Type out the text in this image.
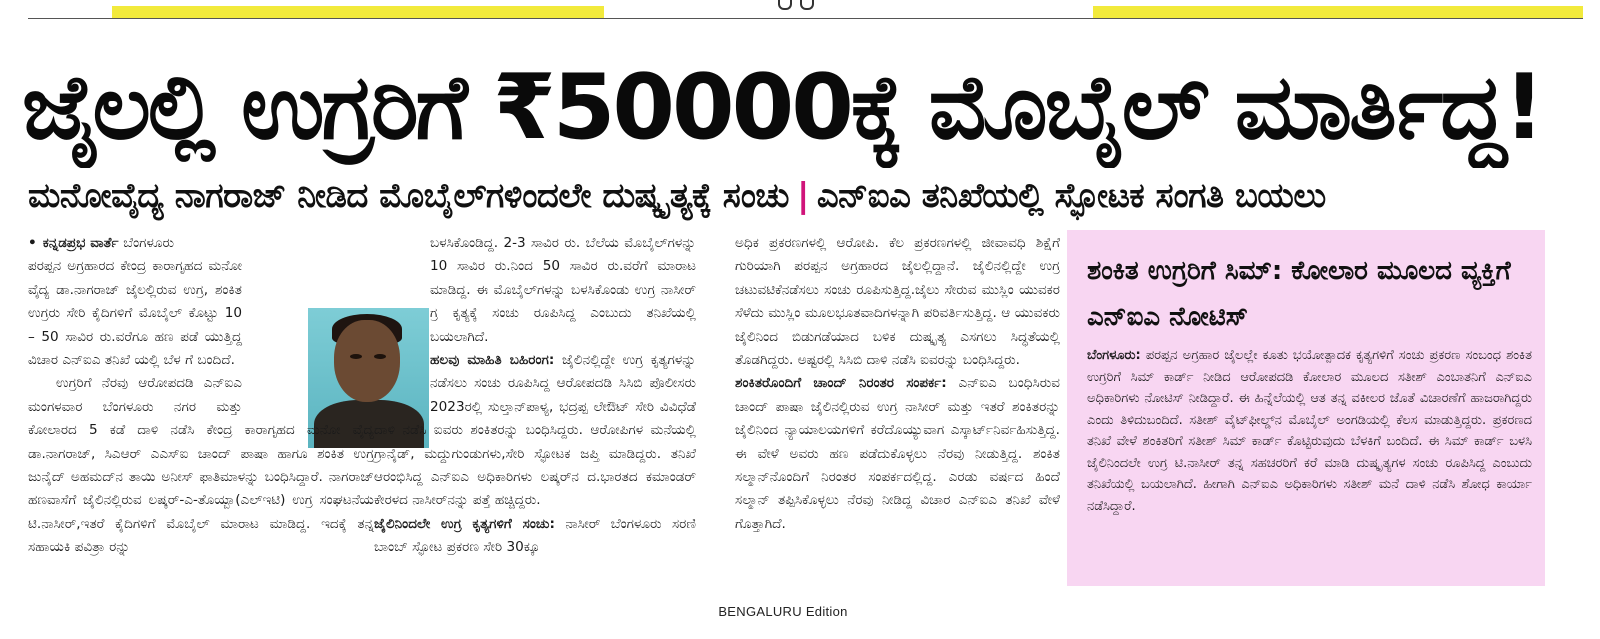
ಜೈಲಲ್ಲಿ ಉಗ್ರರಿಗೆ ₹50000ಕ್ಕೆ ಮೊಬೈಲ್ ಮಾರ್ತಿದ್ದ!
ಮನೋವೈದ್ಯ ನಾಗರಾಜ್ ನೀಡಿದ ಮೊಬೈಲ್‌ಗಳಿಂದಲೇ ದುಷ್ಕೃತ್ಯಕ್ಕೆ ಸಂಚು | ಎನ್‌ಐಎ ತನಿಖೆಯಲ್ಲಿ ಸ್ಫೋಟಕ ಸಂಗತಿ ಬಯಲು

• ಕನ್ನಡಪ್ರಭ ವಾರ್ತೆ ಬೆಂಗಳೂರು

ಪರಪ್ಪನ ಅಗ್ರಹಾರದ ಕೇಂದ್ರ ಕಾರಾಗೃಹದ ಮನೋ ವೈದ್ಯ ಡಾ.ನಾಗರಾಜ್ ಜೈಲಲ್ಲಿರುವ ಉಗ್ರ, ಶಂಕಿತ ಉಗ್ರರು ಸೇರಿ ಕೈದಿಗಳಿಗೆ ಮೊಬೈಲ್ ಕೊಟ್ಟು 10 – 50 ಸಾವಿರ ರು.ವರೆಗೂ ಹಣ ಪಡೆ ಯುತ್ತಿದ್ದ ವಿಚಾರ ಎನ್‌ಐಎ ತನಿಖೆ ಯಲ್ಲಿ ಬೆಳ ಗೆ ಬಂದಿದೆ.

ಉಗ್ರರಿಗೆ ನೆರವು ಆರೋಪದಡಿ ಎನ್‌ಐಎ ಮಂಗಳವಾರ ಬೆಂಗಳೂರು ನಗರ ಮತ್ತು ಕೋಲಾರದ 5 ಕಡೆ ದಾಳಿ ನಡೆಸಿ ಕೇಂದ್ರ ಕಾರಾಗೃಹದ ಮನೋ ವೈದ್ಯ ಡಾ.ನಾಗರಾಜ್, ಸಿಎಆರ್ ಎಎಸ್‌ಐ ಚಾಂದ್ ಪಾಷಾ ಹಾಗೂ ಶಂಕಿತ ಉಗ್ರ ಜುನೈದ್ ಅಹಮದ್‌ನ ತಾಯಿ ಅನೀಸ್ ಫಾತಿಮಾಳನ್ನು ಬಂಧಿಸಿದ್ದಾರೆ. ನಾಗರಾಜ್ ಹಣವಾಸೆಗೆ ಜೈಲಿನಲ್ಲಿರುವ ಲಷ್ಕರ್-ಎ-ತೊಯ್ಬಾ(ಎಲ್‌ಇಟಿ) ಉಗ್ರ ಸಂಘಟನೆಯ ಟಿ.ನಾಸೀರ್,ಇತರೆ ಕೈದಿಗಳಿಗೆ ಮೊಬೈಲ್ ಮಾರಾಟ ಮಾಡಿದ್ದ. ಇದಕ್ಕೆ ತನ್ನ ಸಹಾಯಕಿ ಪವಿತ್ರಾ ರನ್ನು

ಬಳಸಿಕೊಂಡಿದ್ದ. 2-3 ಸಾವಿರ ರು. ಬೆಲೆಯ ಮೊಬೈಲ್‌ಗಳನ್ನು 10 ಸಾವಿರ ರು.ನಿಂದ 50 ಸಾವಿರ ರು.ವರೆಗೆ ಮಾರಾಟ ಮಾಡಿದ್ದ. ಈ ಮೊಬೈಲ್‌ಗಳನ್ನು ಬಳಸಿಕೊಂಡು ಉಗ್ರ ನಾಸೀರ್ ಗ್ರ ಕೃತ್ಯಕ್ಕೆ ಸಂಚು ರೂಪಿಸಿದ್ದ ಎಂಬುದು ತನಿಖೆಯಲ್ಲಿ ಬಯಲಾಗಿದೆ.

ಹಲವು ಮಾಹಿತಿ ಬಹಿರಂಗ: ಜೈಲಿನಲ್ಲಿದ್ದೇ ಉಗ್ರ ಕೃತ್ಯಗಳನ್ನು ನಡೆಸಲು ಸಂಚು ರೂಪಿಸಿದ್ದ ಆರೋಪದಡಿ ಸಿಸಿಬಿ ಪೊಲೀಸರು 2023ರಲ್ಲಿ ಸುಲ್ತಾನ್‌ಪಾಳ್ಯ, ಭದ್ರಪ್ಪ ಲೇಔಟ್ ಸೇರಿ ವಿವಿಧೆಡೆ ದಾಳಿ ನಡೆಸಿ ಐವರು ಶಂಕಿತರನ್ನು ಬಂಧಿಸಿದ್ದರು. ಆರೋಪಿಗಳ ಮನೆಯಲ್ಲಿ ಗ್ರಾನೈಡ್, ಮದ್ದುಗುಂಡುಗಳು,ಸೇರಿ ಸ್ಫೋಟಕ ಜಪ್ತಿ ಮಾಡಿದ್ದರು. ತನಿಖೆ ಆರಂಭಿಸಿದ್ದ ಎನ್‌ಐಎ ಅಧಿಕಾರಿಗಳು ಲಷ್ಕರ್‌ನ ದ.ಭಾರತದ ಕಮಾಂಡರ್ ಕೇರಳದ ನಾಸೀರ್‌ನನ್ನು ಪತ್ತೆ ಹಚ್ಚಿದ್ದರು.

ಜೈಲಿನಿಂದಲೇ ಉಗ್ರ ಕೃತ್ಯಗಳಿಗೆ ಸಂಚು: ನಾಸೀರ್ ಬೆಂಗಳೂರು ಸರಣಿ ಬಾಂಬ್ ಸ್ಫೋಟ ಪ್ರಕರಣ ಸೇರಿ 30ಕ್ಕೂ

ಅಧಿಕ ಪ್ರಕರಣಗಳಲ್ಲಿ ಆರೋಪಿ. ಕೆಲ ಪ್ರಕರಣಗಳಲ್ಲಿ ಜೀವಾವಧಿ ಶಿಕ್ಷೆಗೆ ಗುರಿಯಾಗಿ ಪರಪ್ಪನ ಅಗ್ರಹಾರದ ಜೈಲಲ್ಲಿದ್ದಾನೆ. ಜೈಲಿನಲ್ಲಿದ್ದೇ ಉಗ್ರ ಚಟುವಟಿಕೆನಡೆಸಲು ಸಂಚು ರೂಪಿಸುತ್ತಿದ್ದ.ಜೈಲು ಸೇರುವ ಮುಸ್ಲಿಂ ಯುವಕರ ಸೆಳೆದು ಮುಸ್ಲಿಂ ಮೂಲಭೂತವಾದಿಗಳನ್ನಾಗಿ ಪರಿವರ್ತಿಸುತ್ತಿದ್ದ. ಆ ಯುವಕರು ಜೈಲಿನಿಂದ ಬಿಡುಗಡೆಯಾದ ಬಳಿಕ ದುಷ್ಕೃತ್ಯ ಎಸಗಲು ಸಿದ್ಧತೆಯಲ್ಲಿ ತೊಡಗಿದ್ದರು. ಅಷ್ಟರಲ್ಲಿ ಸಿಸಿಬಿ ದಾಳಿ ನಡೆಸಿ ಐವರನ್ನು ಬಂಧಿಸಿದ್ದರು.

ಶಂಕಿತರೊಂದಿಗೆ ಚಾಂದ್ ನಿರಂತರ ಸಂಪರ್ಕ: ಎನ್‌ಐಎ ಬಂಧಿಸಿರುವ ಚಾಂದ್ ಪಾಷಾ ಜೈಲಿನಲ್ಲಿರುವ ಉಗ್ರ ನಾಸೀರ್ ಮತ್ತು ಇತರೆ ಶಂಕಿತರನ್ನು ಜೈಲಿನಿಂದ ನ್ಯಾಯಾಲಯಗಳಿಗೆ ಕರೆದೊಯ್ಯುವಾಗ ಎಸ್ಕಾರ್ಟ್‌ನಿರ್ವಹಿಸುತ್ತಿದ್ದ. ಈ ವೇಳೆ ಅವರು ಹಣ ಪಡೆದುಕೊಳ್ಳಲು ನೆರವು ನೀಡುತ್ತಿದ್ದ. ಶಂಕಿತ ಸಲ್ಮಾನ್‌ನೊಂದಿಗೆ ನಿರಂತರ ಸಂಪರ್ಕದಲ್ಲಿದ್ದ. ಎರಡು ವರ್ಷದ ಹಿಂದೆ ಸಲ್ಮಾನ್ ತಪ್ಪಿಸಿಕೊಳ್ಳಲು ನೆರವು ನೀಡಿದ್ದ ವಿಚಾರ ಎನ್‌ಐಎ ತನಿಖೆ ವೇಳೆ ಗೊತ್ತಾಗಿದೆ.

ಶಂಕಿತ ಉಗ್ರರಿಗೆ ಸಿಮ್: ಕೋಲಾರ ಮೂಲದ ವ್ಯಕ್ತಿಗೆ ಎನ್‌ಐಎ ನೋಟಿಸ್
ಬೆಂಗಳೂರು: ಪರಪ್ಪನ ಅಗ್ರಹಾರ ಜೈಲಲ್ಲೇ ಕೂತು ಭಯೋತ್ಪಾದಕ ಕೃತ್ಯಗಳಿಗೆ ಸಂಚು ಪ್ರಕರಣ ಸಂಬಂಧ ಶಂಕಿತ ಉಗ್ರರಿಗೆ ಸಿಮ್ ಕಾರ್ಡ್ ನೀಡಿದ ಆರೋಪದಡಿ ಕೋಲಾರ ಮೂಲದ ಸತೀಶ್ ಎಂಬಾತನಿಗೆ ಎನ್‌ಐಎ ಅಧಿಕಾರಿಗಳು ನೋಟಿಸ್ ನೀಡಿದ್ದಾರೆ. ಈ ಹಿನ್ನೆಲೆಯಲ್ಲಿ ಆತ ತನ್ನ ವಕೀಲರ ಜೊತೆ ವಿಚಾರಣೆಗೆ ಹಾಜರಾಗಿದ್ದರು ಎಂದು ತಿಳಿದುಬಂದಿದೆ. ಸತೀಶ್ ವೈಟ್‌ಫೀಲ್ಡ್‌ನ ಮೊಬೈಲ್ ಅಂಗಡಿಯಲ್ಲಿ ಕೆಲಸ ಮಾಡುತ್ತಿದ್ದರು. ಪ್ರಕರಣದ ತನಿಖೆ ವೇಳೆ ಶಂಕಿತರಿಗೆ ಸತೀಶ್ ಸಿಮ್ ಕಾರ್ಡ್ ಕೊಟ್ಟಿರುವುದು ಬೆಳಕಿಗೆ ಬಂದಿದೆ. ಈ ಸಿಮ್ ಕಾರ್ಡ್ ಬಳಸಿ ಜೈಲಿನಿಂದಲೇ ಉಗ್ರ ಟಿ.ನಾಸೀರ್ ತನ್ನ ಸಹಚರರಿಗೆ ಕರೆ ಮಾಡಿ ದುಷ್ಕೃತ್ಯಗಳ ಸಂಚು ರೂಪಿಸಿದ್ದ ಎಂಬುದು ತನಿಖೆಯಲ್ಲಿ ಬಯಲಾಗಿದೆ. ಹೀಗಾಗಿ ಎನ್‌ಐಎ ಅಧಿಕಾರಿಗಳು ಸತೀಶ್ ಮನೆ ದಾಳಿ ನಡೆಸಿ ಶೋಧ ಕಾರ್ಯಾ ನಡೆಸಿದ್ದಾರೆ.
BENGALURU Edition
